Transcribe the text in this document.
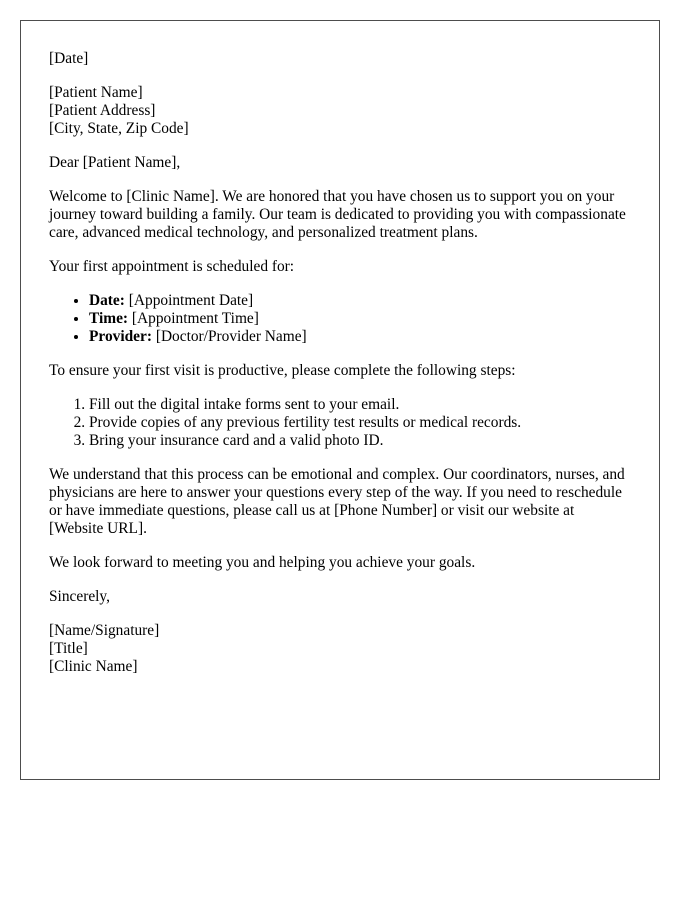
[Date]
[Patient Name]
[Patient Address]
[City, State, Zip Code]

Dear [Patient Name],

Welcome to [Clinic Name]. We are honored that you have chosen us to support you on your journey toward building a family. Our team is dedicated to providing you with compassionate care, advanced medical technology, and personalized treatment plans.

Your first appointment is scheduled for:

• Date: [Appointment Date]
• Time: [Appointment Time]
• Provider: [Doctor/Provider Name]

To ensure your first visit is productive, please complete the following steps:

1. Fill out the digital intake forms sent to your email.
2. Provide copies of any previous fertility test results or medical records.
3. Bring your insurance card and a valid photo ID.

We understand that this process can be emotional and complex. Our coordinators, nurses, and physicians are here to answer your questions every step of the way. If you need to reschedule or have immediate questions, please call us at [Phone Number] or visit our website at [Website URL].

We look forward to meeting you and helping you achieve your goals.

Sincerely,

[Name/Signature]
[Title]
[Clinic Name]
